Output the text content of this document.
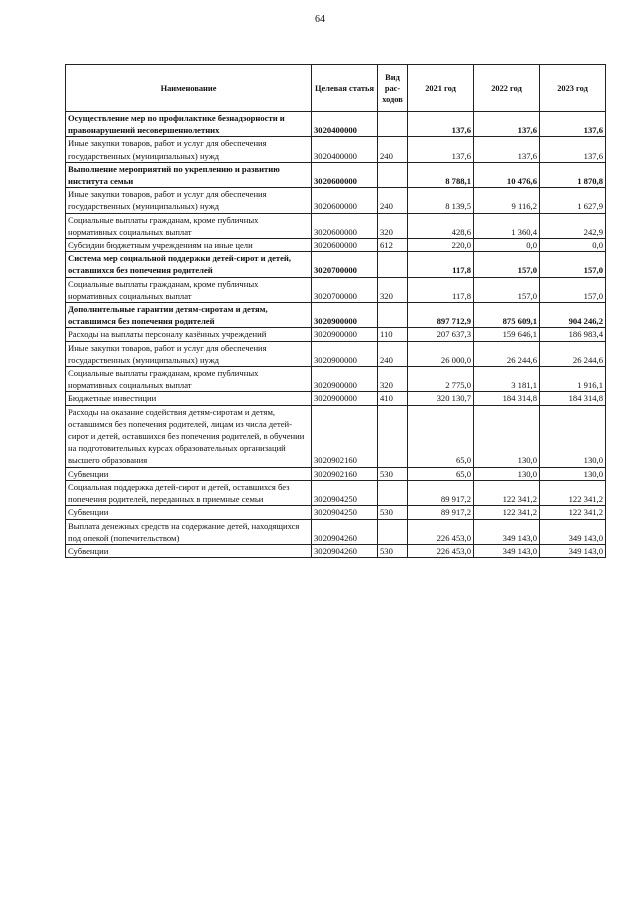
64
Наименование	Целевая статья	Вид рас-ходов	2021 год	2022 год	2023 год
Осуществление мер по профилактике безнадзорности и правонарушений несовершеннолетних	3020400000		137,6	137,6	137,6
Иные закупки товаров, работ и услуг для обеспечения государственных (муниципальных) нужд	3020400000	240	137,6	137,6	137,6
Выполнение мероприятий по укреплению и развитию института семьи	3020600000		8 788,1	10 476,6	1 870,8
Иные закупки товаров, работ и услуг для обеспечения государственных (муниципальных) нужд	3020600000	240	8 139,5	9 116,2	1 627,9
Социальные выплаты гражданам, кроме публичных нормативных социальных выплат	3020600000	320	428,6	1 360,4	242,9
Субсидии бюджетным учреждениям на иные цели	3020600000	612	220,0	0,0	0,0
Система мер социальной поддержки детей-сирот и детей, оставшихся без попечения родителей	3020700000		117,8	157,0	157,0
Социальные выплаты гражданам, кроме публичных нормативных социальных выплат	3020700000	320	117,8	157,0	157,0
Дополнительные гарантии детям-сиротам и детям, оставшимся без попечения родителей	3020900000		897 712,9	875 609,1	904 246,2
Расходы на выплаты персоналу казённых учреждений	3020900000	110	207 637,3	159 646,1	186 983,4
Иные закупки товаров, работ и услуг для обеспечения государственных (муниципальных) нужд	3020900000	240	26 000,0	26 244,6	26 244,6
Социальные выплаты гражданам, кроме публичных нормативных социальных выплат	3020900000	320	2 775,0	3 181,1	1 916,1
Бюджетные инвестиции	3020900000	410	320 130,7	184 314,8	184 314,8
Расходы на оказание содействия детям-сиротам и детям, оставшимся без попечения родителей, лицам из числа детей-сирот и детей, оставшихся без попечения родителей, в обучении на подготовительных курсах образовательных организаций высшего образования	3020902160		65,0	130,0	130,0
Субвенции	3020902160	530	65,0	130,0	130,0
Социальная поддержка детей-сирот и детей, оставшихся без попечения родителей, переданных в приемные семьи	3020904250		89 917,2	122 341,2	122 341,2
Субвенции	3020904250	530	89 917,2	122 341,2	122 341,2
Выплата денежных средств на содержание детей, находящихся под опекой (попечительством)	3020904260		226 453,0	349 143,0	349 143,0
Субвенции	3020904260	530	226 453,0	349 143,0	349 143,0
